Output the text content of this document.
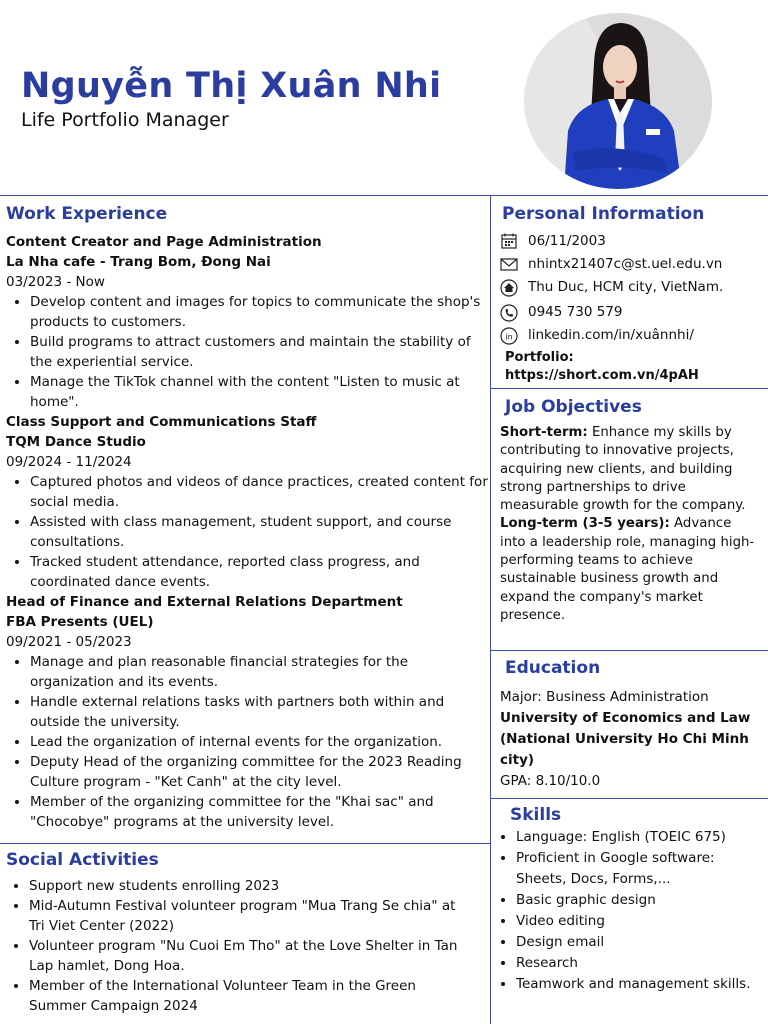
Nguyễn Thị Xuân Nhi
Life Portfolio Manager
Work Experience
Content Creator and Page Administration
La Nha cafe - Trang Bom, Đong Nai
03/2023 - Now
• Develop content and images for topics to communicate the shop's products to customers.
• Build programs to attract customers and maintain the stability of the experiential service.
• Manage the TikTok channel with the content "Listen to music at home".
Class Support and Communications Staff
TQM Dance Studio
09/2024 - 11/2024
• Captured photos and videos of dance practices, created content for social media.
• Assisted with class management, student support, and course consultations.
• Tracked student attendance, reported class progress, and coordinated dance events.
Head of Finance and External Relations Department
FBA Presents (UEL)
09/2021 - 05/2023
• Manage and plan reasonable financial strategies for the organization and its events.
• Handle external relations tasks with partners both within and outside the university.
• Lead the organization of internal events for the organization.
• Deputy Head of the organizing committee for the 2023 Reading Culture program - "Ket Canh" at the city level.
• Member of the organizing committee for the "Khai sac" and "Chocobye" programs at the university level.
Social Activities
• Support new students enrolling 2023
• Mid-Autumn Festival volunteer program "Mua Trang Se chia" at Tri Viet Center (2022)
• Volunteer program "Nu Cuoi Em Tho" at the Love Shelter in Tan Lap hamlet, Dong Hoa.
• Member of the International Volunteer Team in the Green Summer Campaign 2024
Personal Information
06/11/2003
nhintx21407c@st.uel.edu.vn
Thu Duc, HCM city, VietNam.
0945 730 579
in linkedin.com/in/xuânnhi/
Portfolio:
https://short.com.vn/4pAH
Job Objectives
Short-term: Enhance my skills by contributing to innovative projects, acquiring new clients, and building strong partnerships to drive measurable growth for the company.
Long-term (3-5 years): Advance into a leadership role, managing high-performing teams to achieve sustainable business growth and expand the company's market presence.
Education
Major: Business Administration
University of Economics and Law (National University Ho Chi Minh city)
GPA: 8.10/10.0
Skills
• Language: English (TOEIC 675)
• Proficient in Google software: Sheets, Docs, Forms,...
• Basic graphic design
• Video editing
• Design email
• Research
• Teamwork and management skills.
